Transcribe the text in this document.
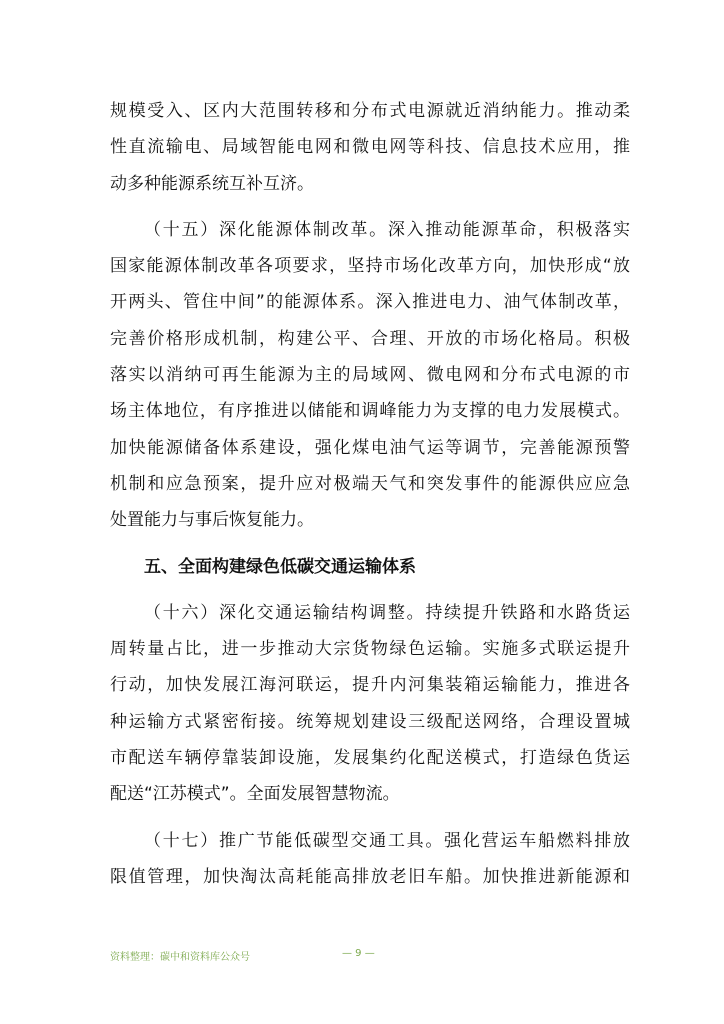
规模受入、区内大范围转移和分布式电源就近消纳能力。推动柔
性直流输电、局域智能电网和微电网等科技、信息技术应用，推
动多种能源系统互补互济。
（十五）深化能源体制改革。深入推动能源革命，积极落实
国家能源体制改革各项要求，坚持市场化改革方向，加快形成“放
开两头、管住中间”的能源体系。深入推进电力、油气体制改革，
完善价格形成机制，构建公平、合理、开放的市场化格局。积极
落实以消纳可再生能源为主的局域网、微电网和分布式电源的市
场主体地位，有序推进以储能和调峰能力为支撑的电力发展模式。
加快能源储备体系建设，强化煤电油气运等调节，完善能源预警
机制和应急预案，提升应对极端天气和突发事件的能源供应应急
处置能力与事后恢复能力。
五、全面构建绿色低碳交通运输体系
（十六）深化交通运输结构调整。持续提升铁路和水路货运
周转量占比，进一步推动大宗货物绿色运输。实施多式联运提升
行动，加快发展江海河联运，提升内河集装箱运输能力，推进各
种运输方式紧密衔接。统筹规划建设三级配送网络，合理设置城
市配送车辆停靠装卸设施，发展集约化配送模式，打造绿色货运
配送“江苏模式”。全面发展智慧物流。
（十七）推广节能低碳型交通工具。强化营运车船燃料排放
限值管理，加快淘汰高耗能高排放老旧车船。加快推进新能源和
资料整理：碳中和资料库公众号	— 9 —
